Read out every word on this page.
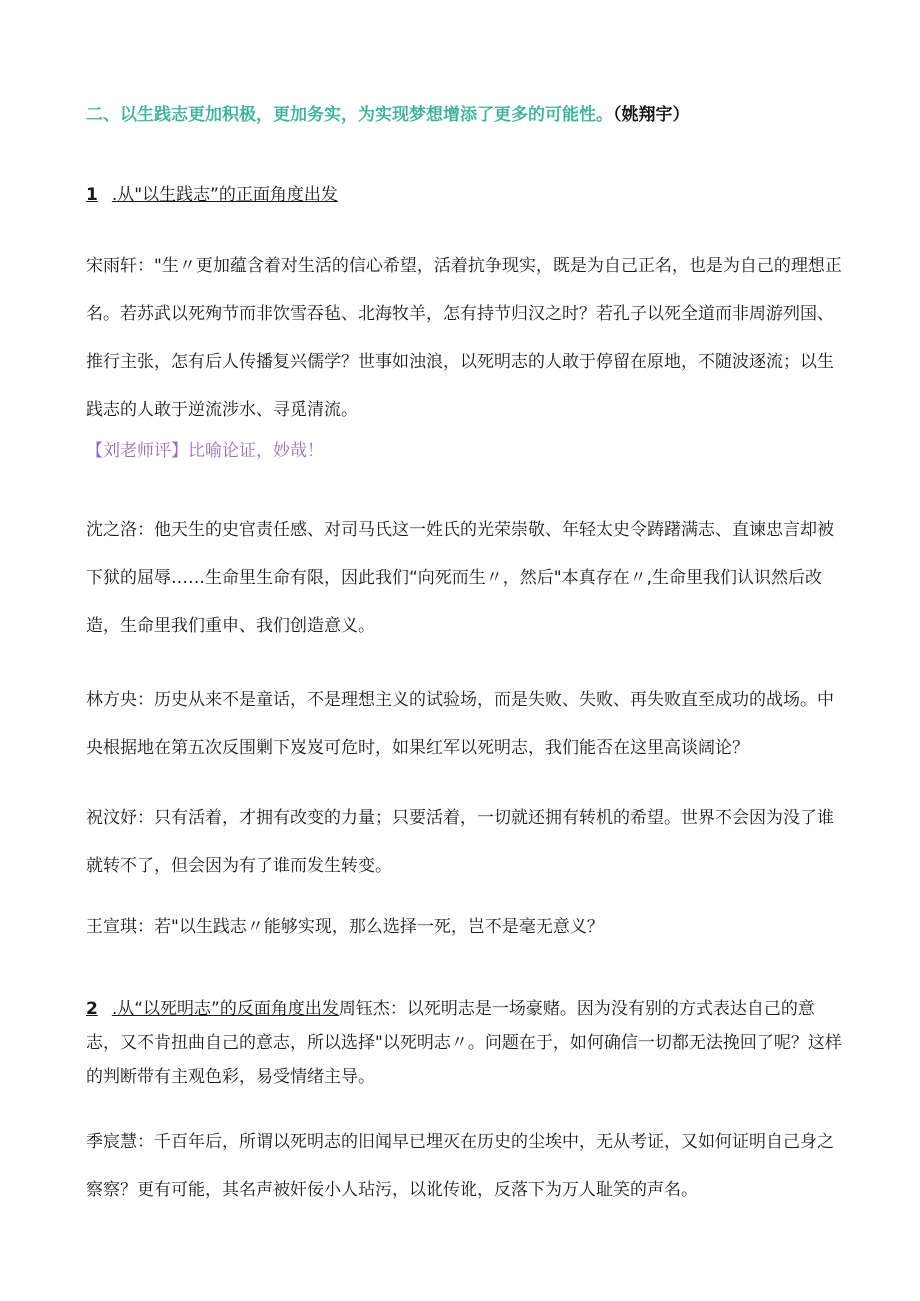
二、以生践志更加积极，更加务实，为实现梦想增添了更多的可能性。（姚翔宇）
1 .从"以生践志”的正面角度出发
宋雨轩："生〃更加蕴含着对生活的信心希望，活着抗争现实，既是为自己正名，也是为自己的理想正名。若苏武以死殉节而非饮雪吞毡、北海牧羊，怎有持节归汉之时？若孔子以死全道而非周游列国、推行主张，怎有后人传播复兴儒学？世事如浊浪，以死明志的人敢于停留在原地，不随波逐流；以生践志的人敢于逆流涉水、寻觅清流。
【刘老师评】比喻论证，妙哉！
沈之洛：他天生的史官责任感、对司马氏这一姓氏的光荣崇敬、年轻太史令踌躇满志、直谏忠言却被下狱的屈辱……生命里生命有限，因此我们“向死而生〃，然后"本真存在〃,生命里我们认识然后改造，生命里我们重申、我们创造意义。
林方央：历史从来不是童话，不是理想主义的试验场，而是失败、失败、再失败直至成功的战场。中央根据地在第五次反围剿下岌岌可危时，如果红军以死明志，我们能否在这里高谈阔论？
祝汶妤：只有活着，才拥有改变的力量；只要活着，一切就还拥有转机的希望。世界不会因为没了谁就转不了，但会因为有了谁而发生转变。
王宣琪：若"以生践志〃能够实现，那么选择一死，岂不是毫无意义？
2 .从“以死明志”的反面角度出发周钰杰：以死明志是一场豪赌。因为没有别的方式表达自己的意志，又不肯扭曲自己的意志，所以选择"以死明志〃。问题在于，如何确信一切都无法挽回了呢？这样的判断带有主观色彩，易受情绪主导。
季宸慧：千百年后，所谓以死明志的旧闻早已埋灭在历史的尘埃中，无从考证，又如何证明自己身之察察？更有可能，其名声被奸佞小人玷污，以讹传讹，反落下为万人耻笑的声名。
